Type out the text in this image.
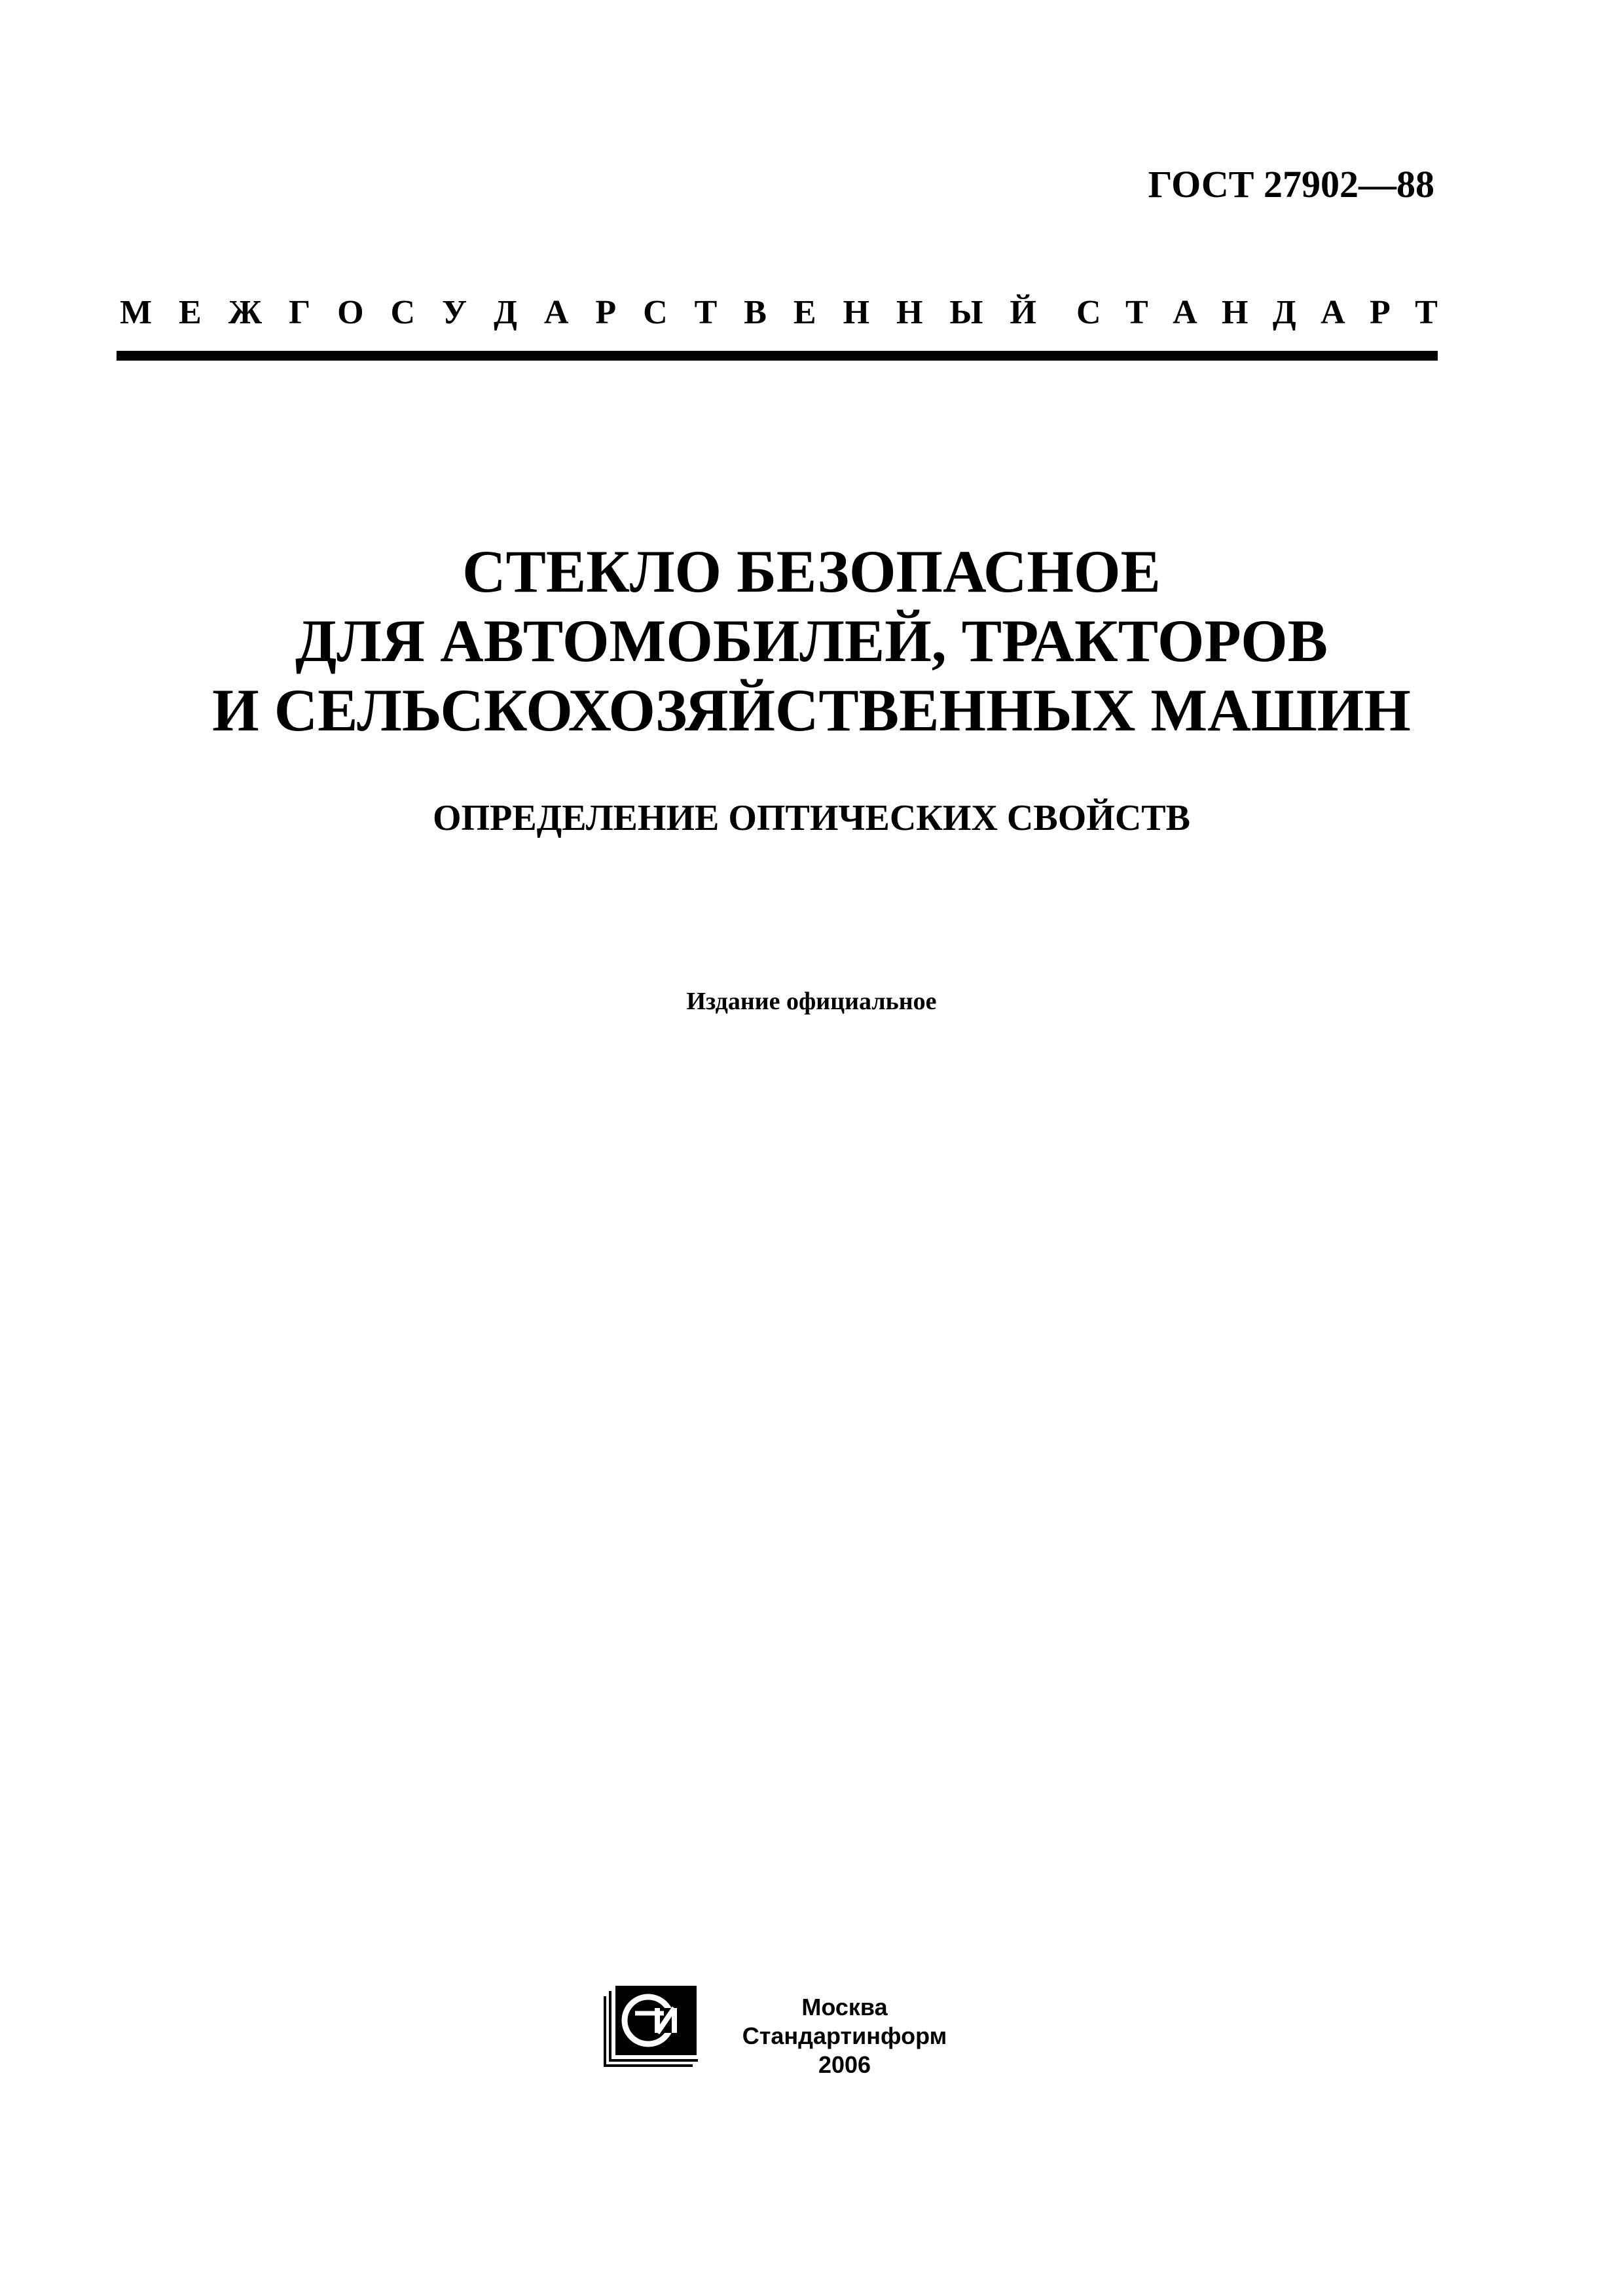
ГОСТ 27902—88
М Е Ж Г О С У Д А Р С Т В Е Н Н Ы Й С Т А Н Д А Р Т
СТЕКЛО БЕЗОПАСНОЕ
ДЛЯ АВТОМОБИЛЕЙ, ТРАКТОРОВ
И СЕЛЬСКОХОЗЯЙСТВЕННЫХ МАШИН
ОПРЕДЕЛЕНИЕ ОПТИЧЕСКИХ СВОЙСТВ
Издание официальное
Москва
Стандартинформ
2006
